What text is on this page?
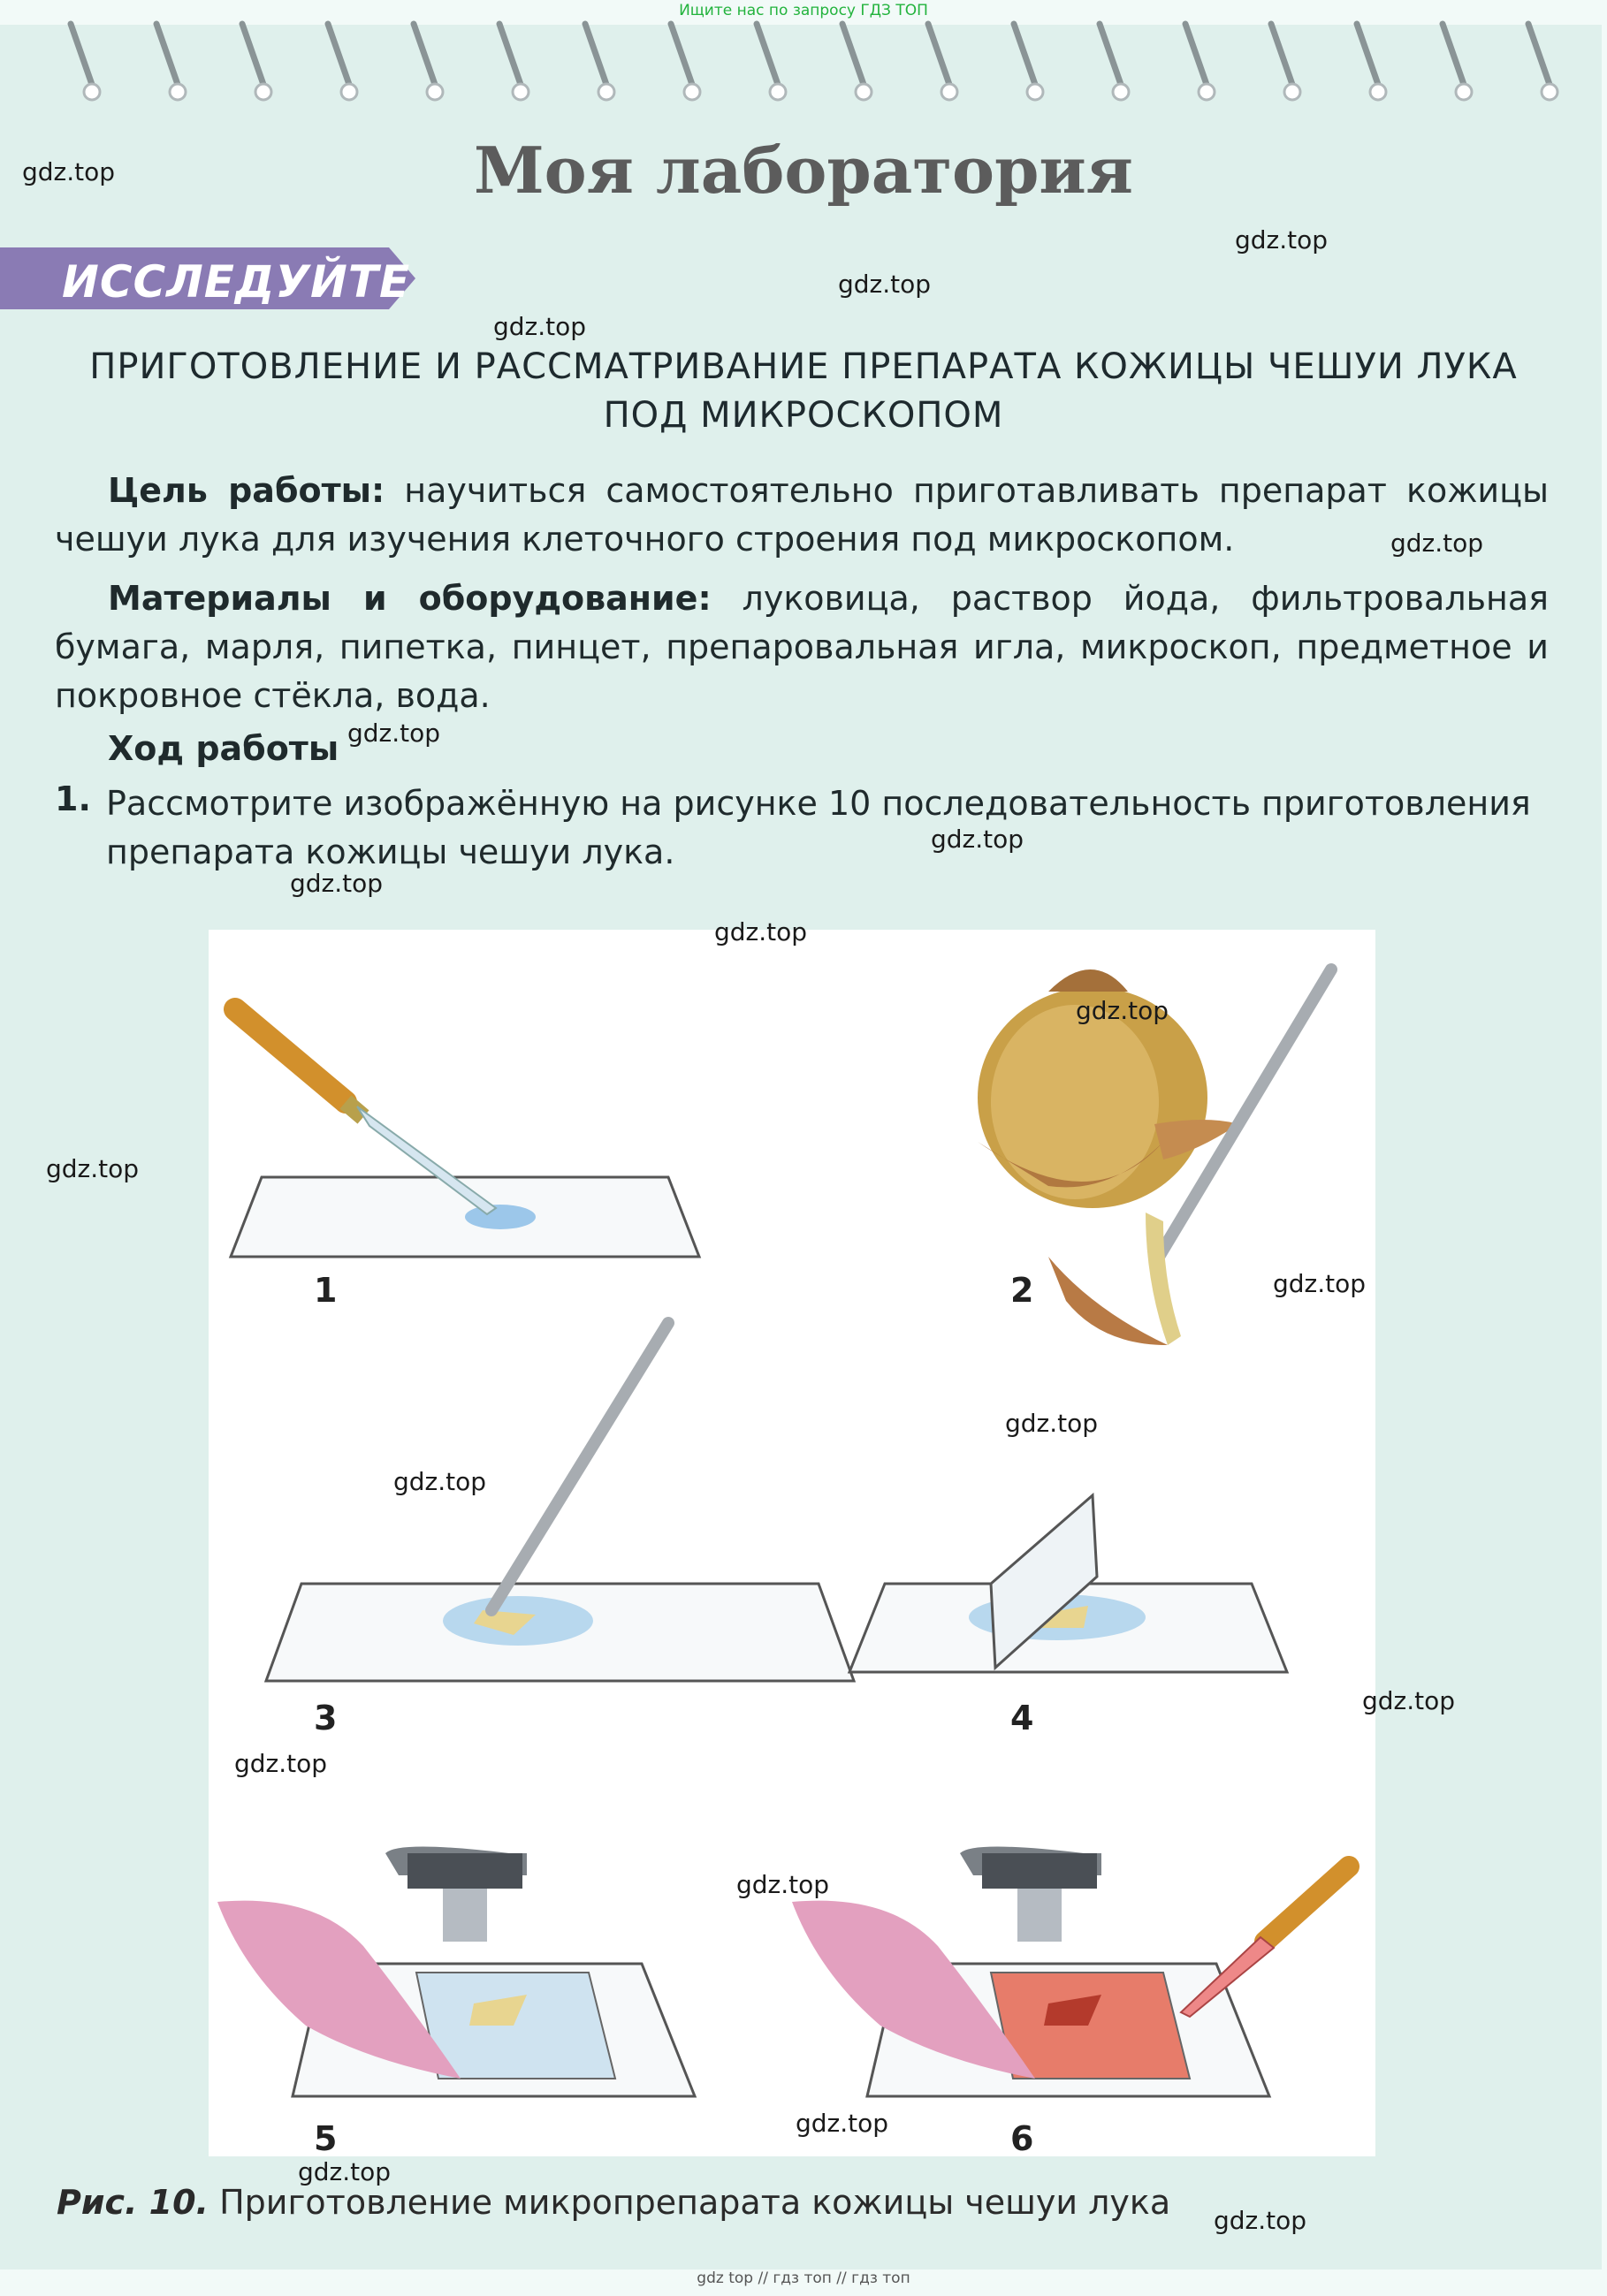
Ищите нас по запросу ГДЗ ТОП
Моя лаборатория
ИССЛЕДУЙТЕ
ПРИГОТОВЛЕНИЕ И РАССМАТРИВАНИЕ ПРЕПАРАТА КОЖИЦЫ ЧЕШУИ ЛУКА
ПОД МИКРОСКОПОМ
Цель работы: научиться самостоятельно приготавливать препарат кожицы чешуи лука для изучения клеточного строения под микроскопом.
Материалы и оборудование: луковица, раствор йода, фильтровальная бумага, марля, пипетка, пинцет, препаровальная игла, микроскоп, предметное и покровное стёкла, вода.
Ход работы
1. Рассмотрите изображённую на рисунке 10 последовательность приготовления препарата кожицы чешуи лука.
1	2
3	4
5	6
Рис. 10. Приготовление микропрепарата кожицы чешуи лука
gdz.top
gdz.top
gdz.top
gdz.top
gdz.top
gdz.top
gdz.top
gdz.top
gdz.top
gdz.top
gdz.top
gdz.top
gdz.top
gdz.top
gdz.top
gdz.top
gdz.top
gdz.top
gdz.top
gdz.top
gdz top // гдз топ // гдз топ
